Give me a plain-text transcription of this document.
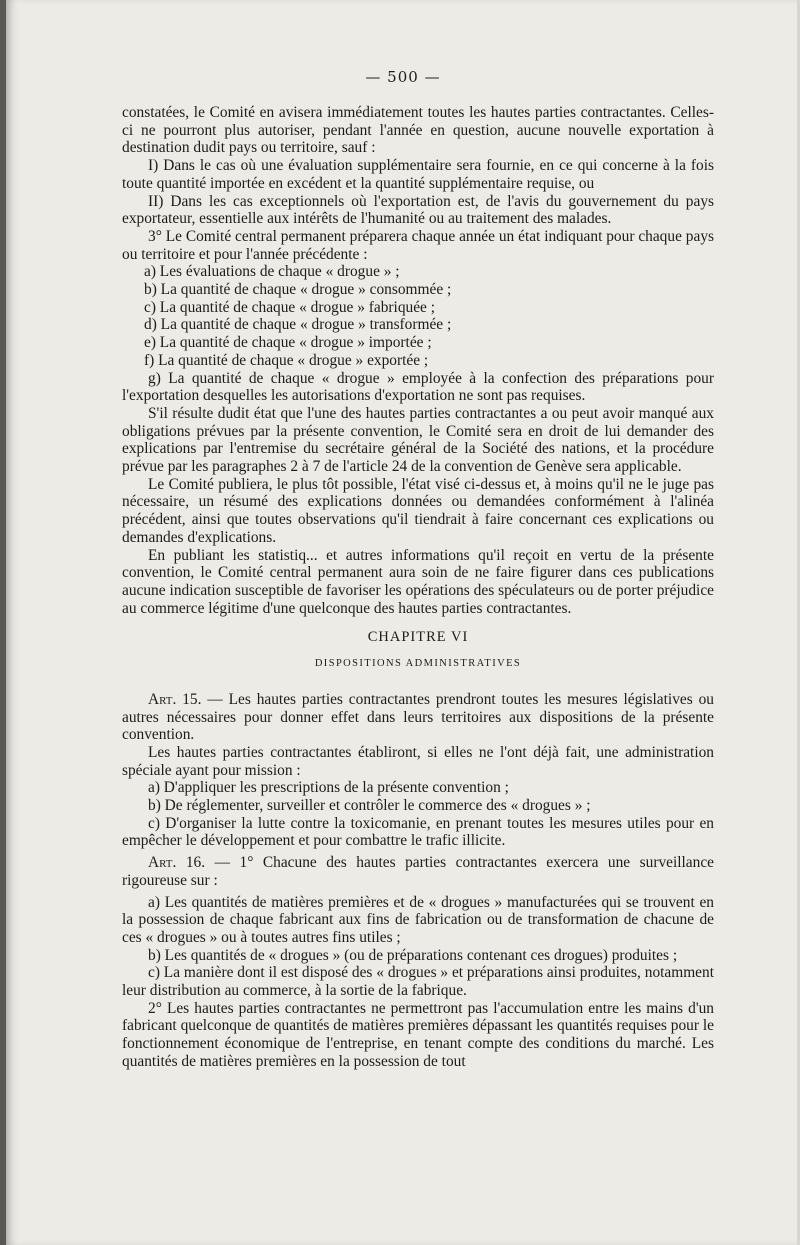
— 500 —

constatées, le Comité en avisera immédiatement toutes les hautes parties contractantes. Celles-ci ne pourront plus autoriser, pendant l'année en question, aucune nouvelle exportation à destination dudit pays ou territoire, sauf :

I) Dans le cas où une évaluation supplémentaire sera fournie, en ce qui concerne à la fois toute quantité importée en excédent et la quantité supplémentaire requise, ou

II) Dans les cas exceptionnels où l'exportation est, de l'avis du gouvernement du pays exportateur, essentielle aux intérêts de l'humanité ou au traitement des malades.

3° Le Comité central permanent préparera chaque année un état indiquant pour chaque pays ou territoire et pour l'année précédente :

a) Les évaluations de chaque « drogue » ;

b) La quantité de chaque « drogue » consommée ;

c) La quantité de chaque « drogue » fabriquée ;

d) La quantité de chaque « drogue » transformée ;

e) La quantité de chaque « drogue » importée ;

f) La quantité de chaque « drogue » exportée ;

g) La quantité de chaque « drogue » employée à la confection des préparations pour l'exportation desquelles les autorisations d'exportation ne sont pas requises.

S'il résulte dudit état que l'une des hautes parties contractantes a ou peut avoir manqué aux obligations prévues par la présente convention, le Comité sera en droit de lui demander des explications par l'entremise du secrétaire général de la Société des nations, et la procédure prévue par les paragraphes 2 à 7 de l'article 24 de la convention de Genève sera applicable.

Le Comité publiera, le plus tôt possible, l'état visé ci-dessus et, à moins qu'il ne le juge pas nécessaire, un résumé des explications données ou demandées conformément à l'alinéa précédent, ainsi que toutes observations qu'il tiendrait à faire concernant ces explications ou demandes d'explications.

En publiant les statistiq... et autres informations qu'il reçoit en vertu de la présente convention, le Comité central permanent aura soin de ne faire figurer dans ces publications aucune indication susceptible de favoriser les opérations des spéculateurs ou de porter préjudice au commerce légitime d'une quelconque des hautes parties contractantes.

CHAPITRE VI

DISPOSITIONS ADMINISTRATIVES

Art. 15. — Les hautes parties contractantes prendront toutes les mesures législatives ou autres nécessaires pour donner effet dans leurs territoires aux dispositions de la présente convention.

Les hautes parties contractantes établiront, si elles ne l'ont déjà fait, une administration spéciale ayant pour mission :

a) D'appliquer les prescriptions de la présente convention ;

b) De réglementer, surveiller et contrôler le commerce des « drogues » ;

c) D'organiser la lutte contre la toxicomanie, en prenant toutes les mesures utiles pour en empêcher le développement et pour combattre le trafic illicite.

Art. 16. — 1° Chacune des hautes parties contractantes exercera une surveillance rigoureuse sur :

a) Les quantités de matières premières et de « drogues » manufacturées qui se trouvent en la possession de chaque fabricant aux fins de fabrication ou de transformation de chacune de ces « drogues » ou à toutes autres fins utiles ;

b) Les quantités de « drogues » (ou de préparations contenant ces drogues) produites ;

c) La manière dont il est disposé des « drogues » et préparations ainsi produites, notamment leur distribution au commerce, à la sortie de la fabrique.

2° Les hautes parties contractantes ne permettront pas l'accumulation entre les mains d'un fabricant quelconque de quantités de matières premières dépassant les quantités requises pour le fonctionnement économique de l'entreprise, en tenant compte des conditions du marché. Les quantités de matières premières en la possession de tout
